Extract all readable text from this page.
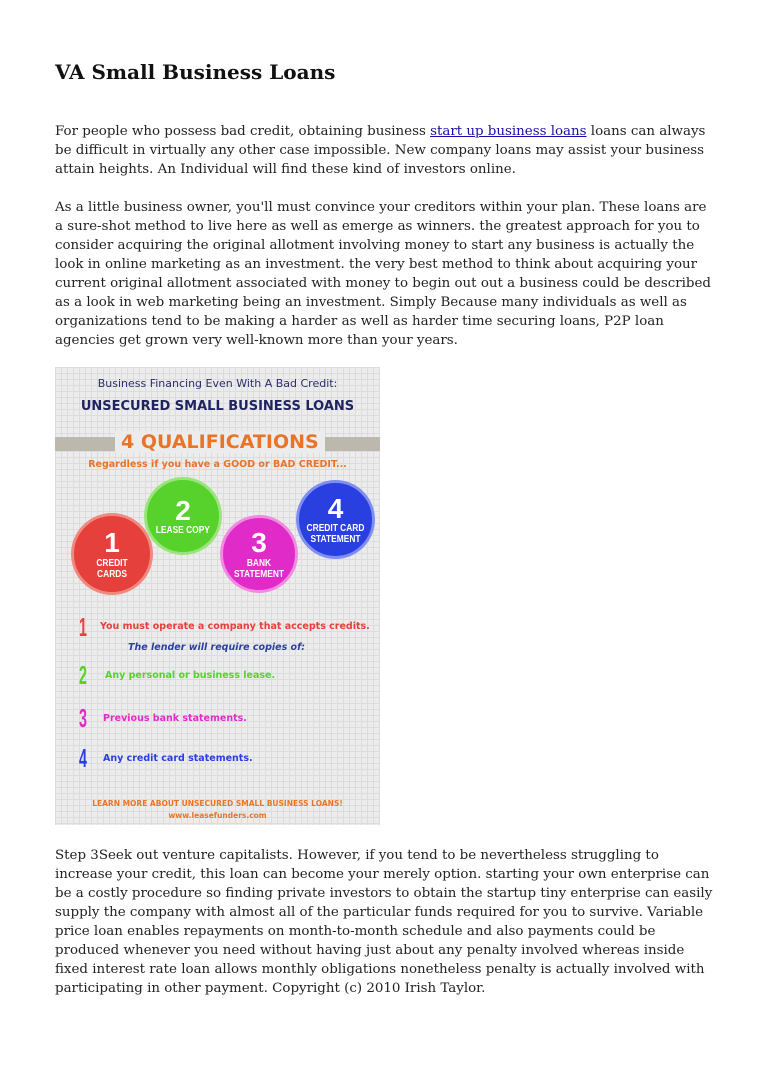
VA Small Business Loans

For people who possess bad credit, obtaining business start up business loans loans can always be difficult in virtually any other case impossible. New company loans may assist your business attain heights. An Individual will find these kind of investors online.

As a little business owner, you'll must convince your creditors within your plan. These loans are a sure-shot method to live here as well as emerge as winners. the greatest approach for you to consider acquiring the original allotment involving money to start any business is actually the look in online marketing as an investment. the very best method to think about acquiring your current original allotment associated with money to begin out out a business could be described as a look in web marketing being an investment. Simply Because many individuals as well as organizations tend to be making a harder as well as harder time securing loans, P2P loan agencies get grown very well-known more than your years.

Business Financing Even With A Bad Credit:
UNSECURED SMALL BUSINESS LOANS
4 QUALIFICATIONS
Regardless if you have a GOOD or BAD CREDIT...
1
CREDIT CARDS
2
LEASE COPY 3
BANK STATEMENT
4
CREDIT CARD STATEMENT
1 You must operate a company that accepts credits.
The lender will require copies of:
2 Any personal or business lease.
3 Previous bank statements.
4 Any credit card statements.
LEARN MORE ABOUT UNSECURED SMALL BUSINESS LOANS!
www.leasefunders.com

Step 3Seek out venture capitalists. However, if you tend to be nevertheless struggling to increase your credit, this loan can become your merely option. starting your own enterprise can be a costly procedure so finding private investors to obtain the startup tiny enterprise can easily supply the company with almost all of the particular funds required for you to survive. Variable price loan enables repayments on month-to-month schedule and also payments could be produced whenever you need without having just about any penalty involved whereas inside fixed interest rate loan allows monthly obligations nonetheless penalty is actually involved with participating in other payment. Copyright (c) 2010 Irish Taylor.
